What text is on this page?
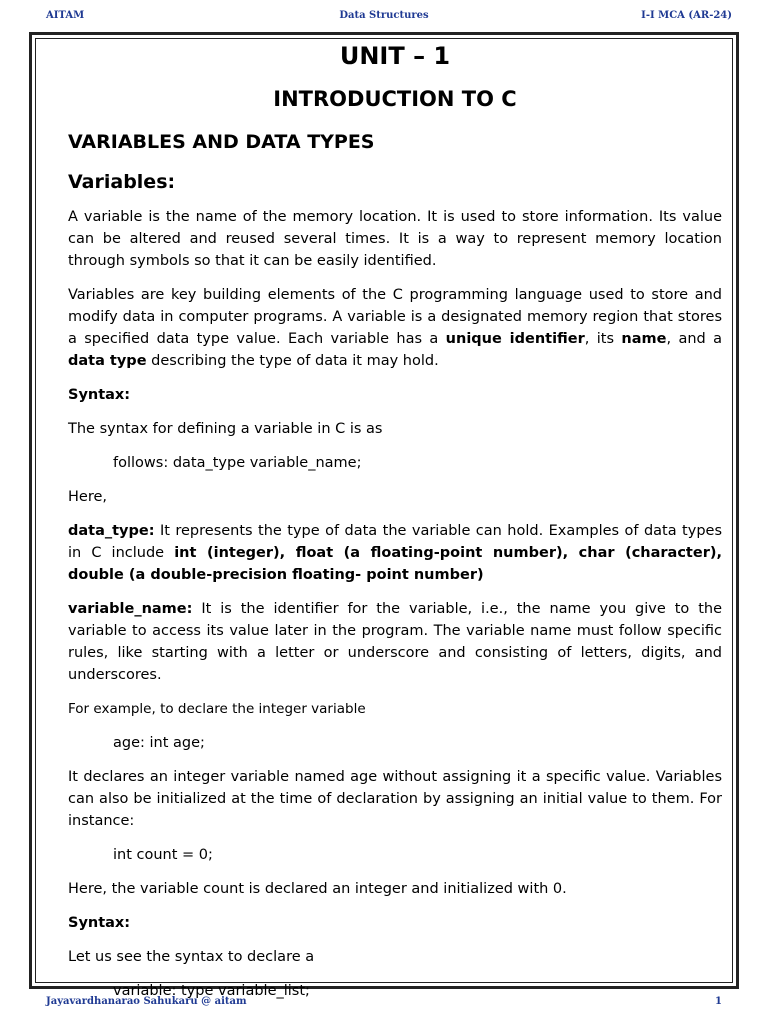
AITAM	Data Structures	I-I MCA (AR-24)
UNIT – 1
INTRODUCTION TO C
VARIABLES AND DATA TYPES
Variables:

A variable is the name of the memory location. It is used to store information. Its value can be altered and reused several times. It is a way to represent memory location through symbols so that it can be easily identified.

Variables are key building elements of the C programming language used to store and modify data in computer programs. A variable is a designated memory region that stores a specified data type value. Each variable has a unique identifier, its name, and a data type describing the type of data it may hold.

Syntax:

The syntax for defining a variable in C is as

follows: data_type variable_name;

Here,

data_type: It represents the type of data the variable can hold. Examples of data types in C include int (integer), float (a floating-point number), char (character), double (a double-precision floating- point number)

variable_name: It is the identifier for the variable, i.e., the name you give to the variable to access its value later in the program. The variable name must follow specific rules, like starting with a letter or underscore and consisting of letters, digits, and underscores.

For example, to declare the integer variable

age: int age;

It declares an integer variable named age without assigning it a specific value. Variables can also be initialized at the time of declaration by assigning an initial value to them. For instance:

int count = 0;

Here, the variable count is declared an integer and initialized with 0.

Syntax:

Let us see the syntax to declare a

variable: type variable_list;

Jayavardhanarao Sahukaru @ aitam	1
